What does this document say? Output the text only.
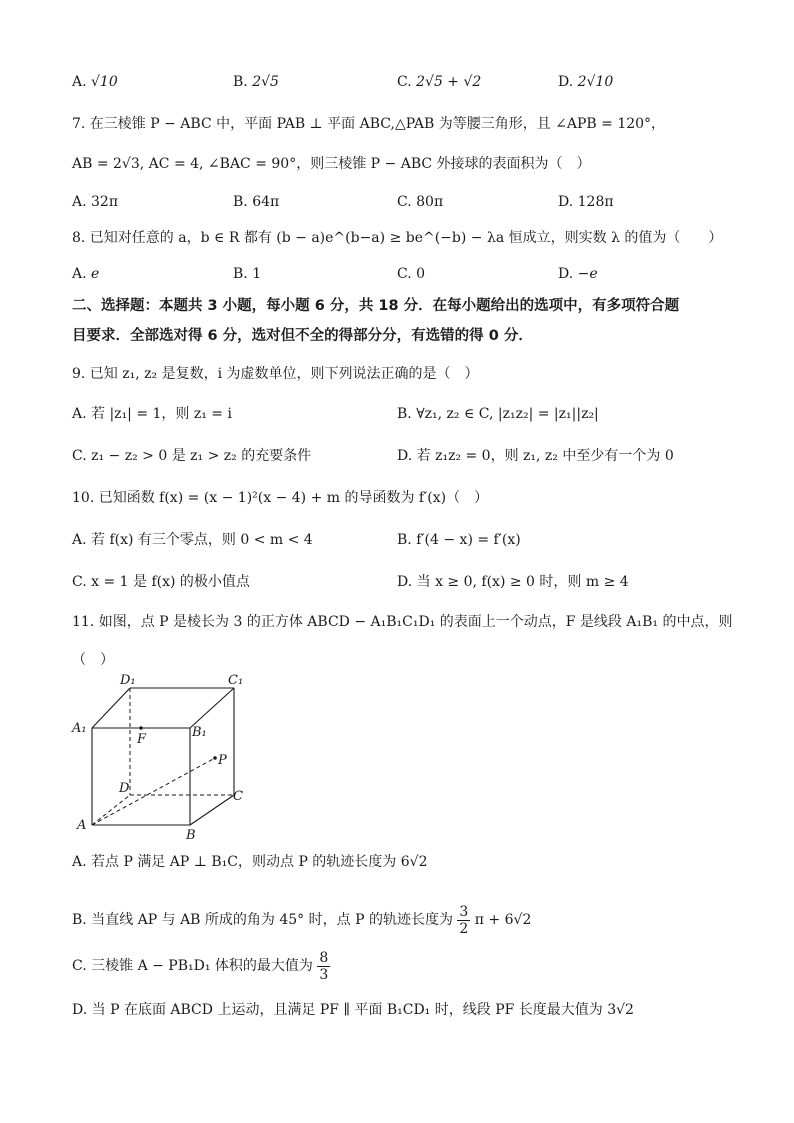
A. √10	B. 2√5	C. 2√5 + √2	D. 2√10
7. 在三棱锥 P − ABC 中，平面 PAB ⊥ 平面 ABC,△PAB 为等腰三角形，且 ∠APB = 120°，
AB = 2√3, AC = 4, ∠BAC = 90°，则三棱锥 P − ABC 外接球的表面积为（　）
A. 32π	B. 64π	C. 80π	D. 128π
8. 已知对任意的 a，b ∈ R 都有 (b − a)e^(b−a) ≥ be^(−b) − λa 恒成立，则实数 λ 的值为（　　）
A. e	B. 1	C. 0	D. −e
二、选择题：本题共 3 小题，每小题 6 分，共 18 分．在每小题给出的选项中，有多项符合题
目要求．全部选对得 6 分，选对但不全的得部分分，有选错的得 0 分．
9. 已知 z₁, z₂ 是复数，i 为虚数单位，则下列说法正确的是（　）
A. 若 |z₁| = 1，则 z₁ = i	B. ∀z₁, z₂ ∈ C, |z₁z₂| = |z₁||z₂|
C. z₁ − z₂ > 0 是 z₁ > z₂ 的充要条件	D. 若 z₁z₂ = 0，则 z₁, z₂ 中至少有一个为 0
10. 已知函数 f(x) = (x − 1)²(x − 4) + m 的导函数为 f′(x)（　）
A. 若 f(x) 有三个零点，则 0 < m < 4	B. f′(4 − x) = f′(x)
C. x = 1 是 f(x) 的极小值点	D. 当 x ≥ 0, f(x) ≥ 0 时，则 m ≥ 4
11. 如图，点 P 是棱长为 3 的正方体 ABCD − A₁B₁C₁D₁ 的表面上一个动点，F 是线段 A₁B₁ 的中点，则
（　）
D₁	C₁
A₁	B₁
F
P
D
C
A
B
A. 若点 P 满足 AP ⊥ B₁C，则动点 P 的轨迹长度为 6√2
B. 当直线 AP 与 AB 所成的角为 45° 时，点 P 的轨迹长度为 $\frac{3}{2}$ π + 6√2
C. 三棱锥 A − PB₁D₁ 体积的最大值为 $\frac{8}{3}$
D. 当 P 在底面 ABCD 上运动，且满足 PF ∥ 平面 B₁CD₁ 时，线段 PF 长度最大值为 3√2
